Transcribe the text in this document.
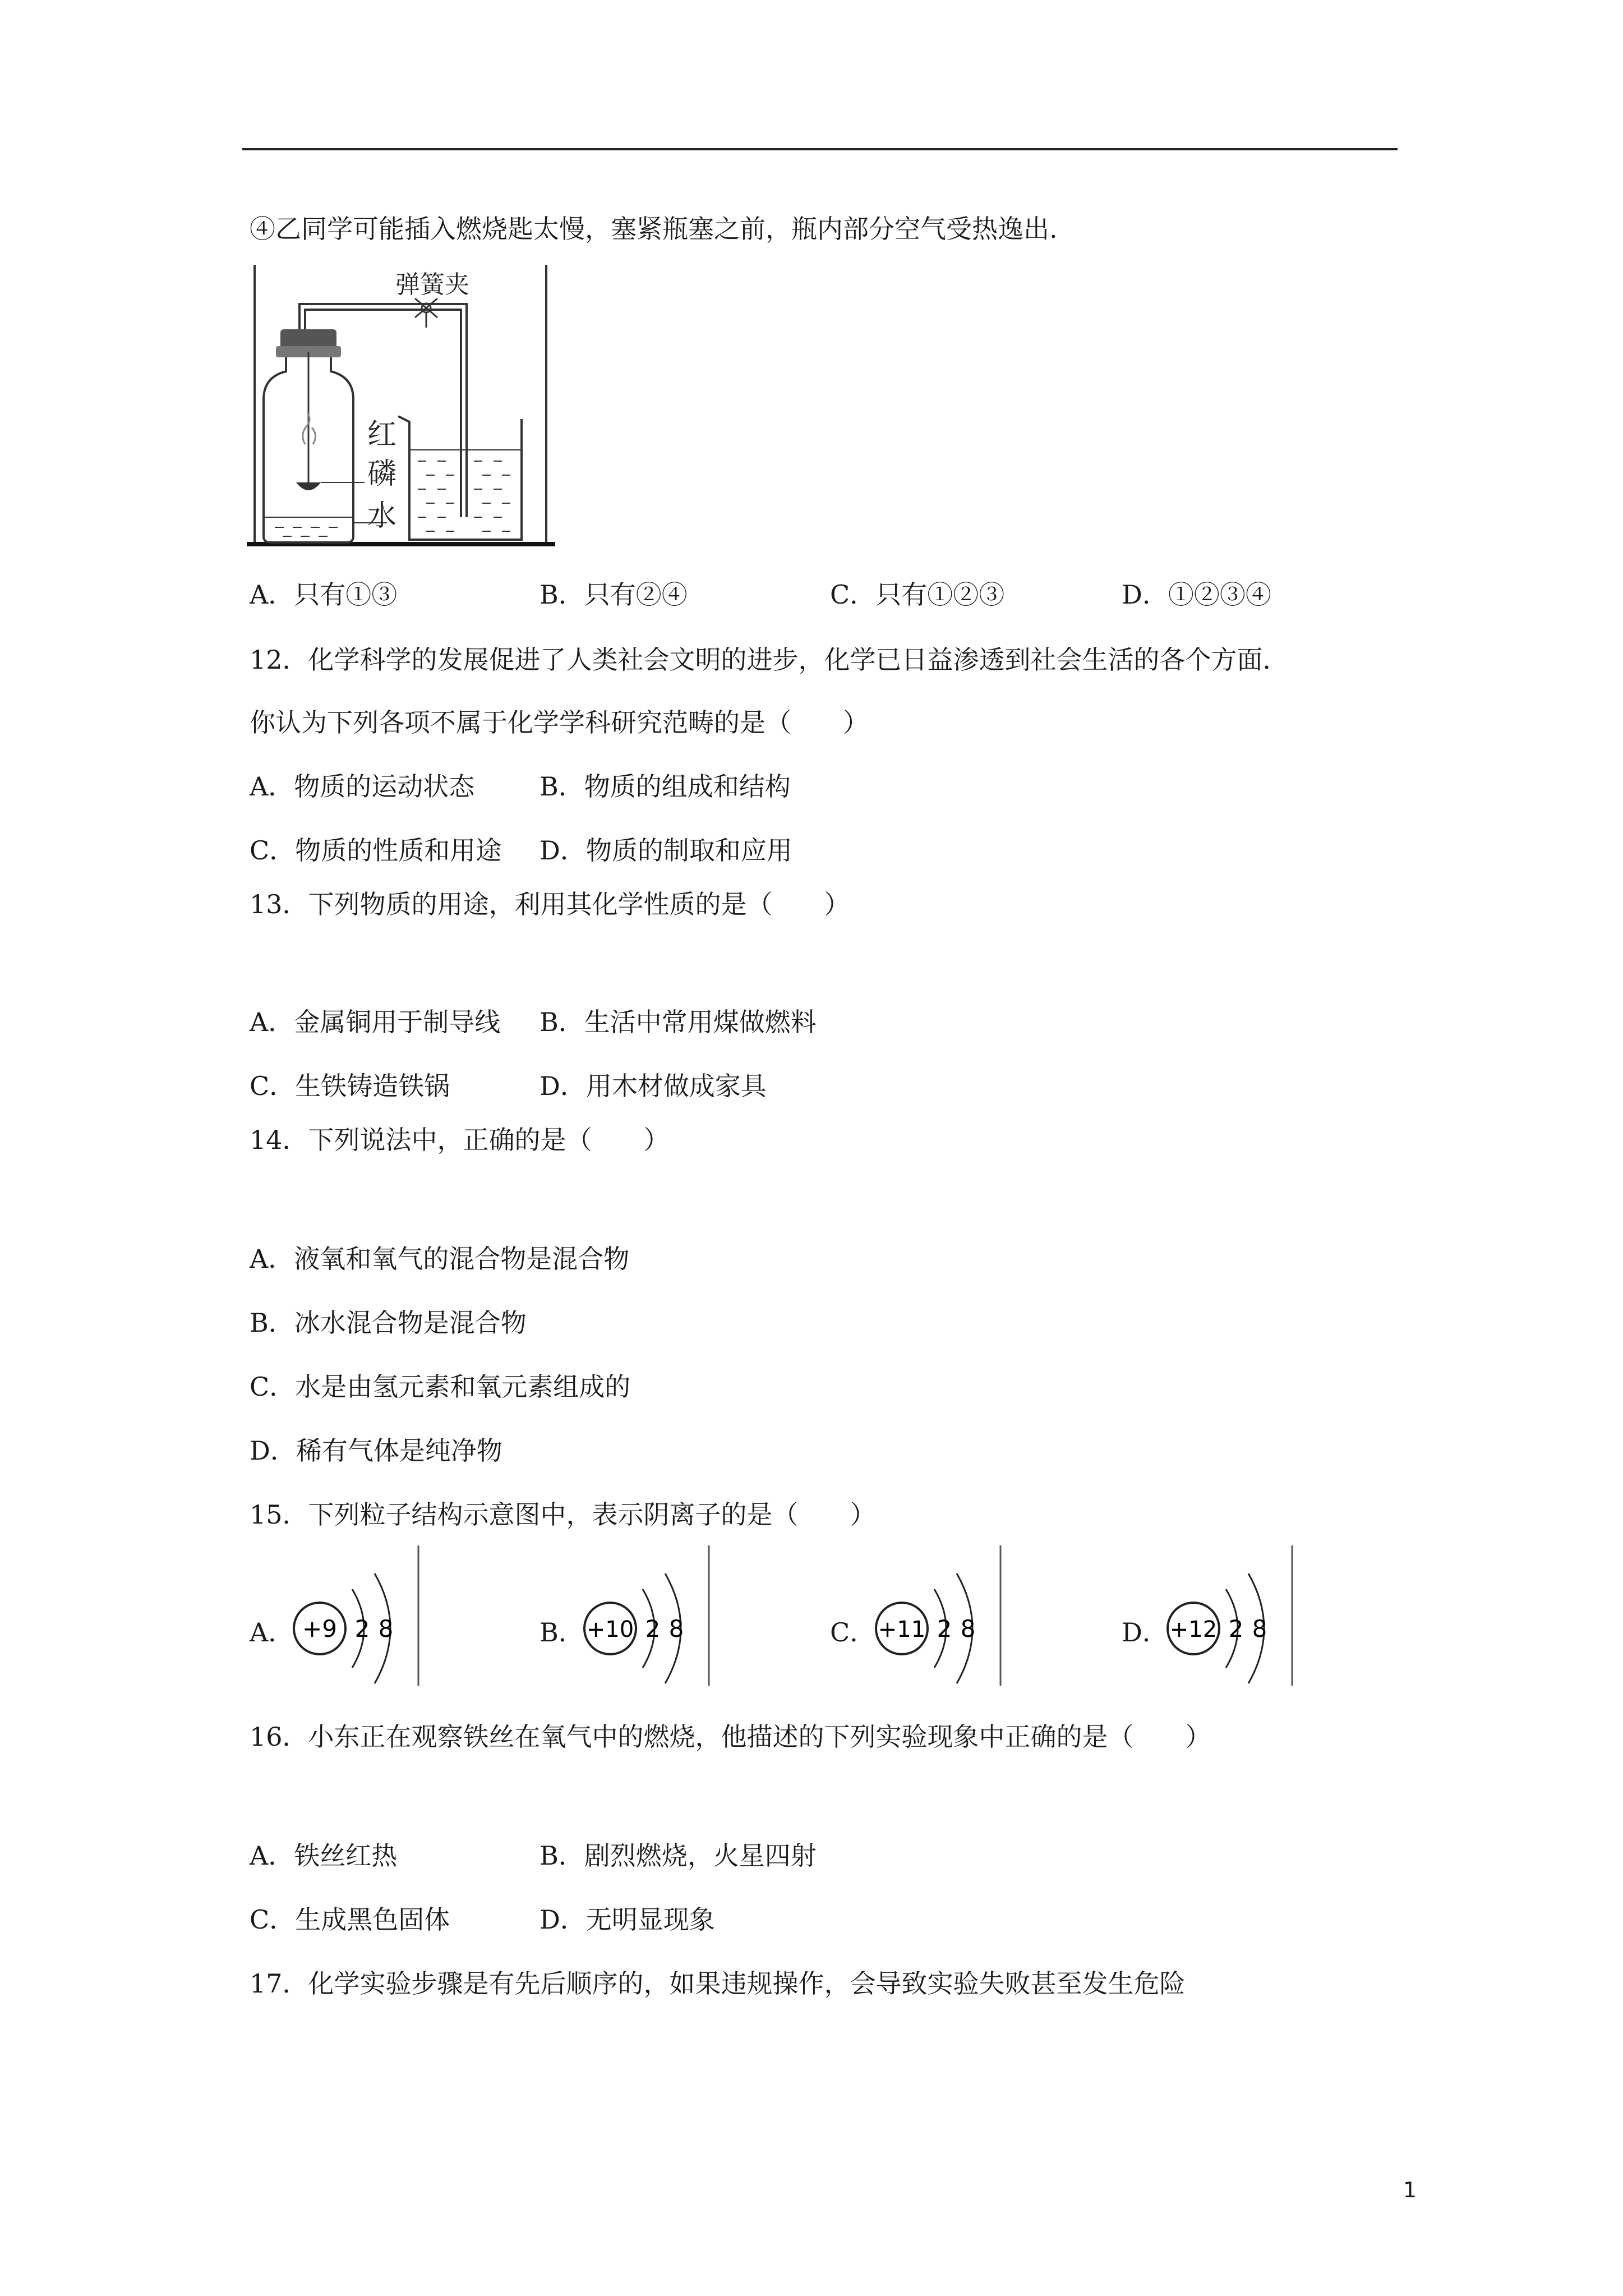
④乙同学可能插入燃烧匙太慢，塞紧瓶塞之前，瓶内部分空气受热逸出.
弹簧夹
红
磷
水
A．只有①③	B．只有②④	C．只有①②③	D．①②③④
12．化学科学的发展促进了人类社会文明的进步，化学已日益渗透到社会生活的各个方面．
你认为下列各项不属于化学学科研究范畴的是（　　）
A．物质的运动状态	B．物质的组成和结构
C．物质的性质和用途 D．物质的制取和应用
13．下列物质的用途，利用其化学性质的是（　　）
A．金属铜用于制导线 B．生活中常用煤做燃料
C．生铁铸造铁锅	D．用木材做成家具
14．下列说法中，正确的是（　　）
A．液氧和氧气的混合物是混合物
B．冰水混合物是混合物
C．水是由氢元素和氧元素组成的
D．稀有气体是纯净物
15．下列粒子结构示意图中，表示阴离子的是（　　）
A．	B．	C．	D．
+9 2 8	+10 2 8	+11 2 8	+12 2 8
16．小东正在观察铁丝在氧气中的燃烧，他描述的下列实验现象中正确的是（　　）
A．铁丝红热	B．剧烈燃烧，火星四射
C．生成黑色固体	D．无明显现象
17．化学实验步骤是有先后顺序的，如果违规操作，会导致实验失败甚至发生危险
1
